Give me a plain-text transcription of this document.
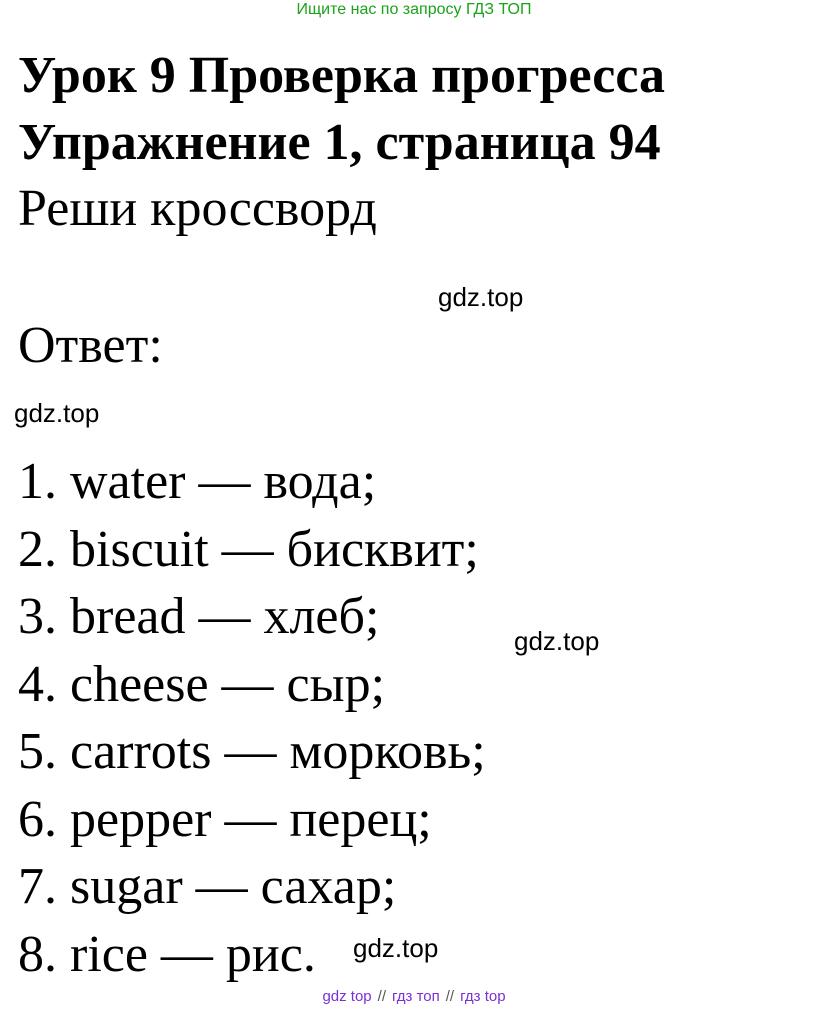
Ищите нас по запросу ГДЗ ТОП
Урок 9 Проверка прогресса
Упражнение 1, страница 94
Реши кроссворд
gdz.top
Ответ:
gdz.top
1. water — вода;
2. biscuit — бисквит;
3. bread — хлеб;
4. cheese — сыр;
5. carrots — морковь;
6. pepper — перец;
7. sugar — сахар;
8. rice — рис.
gdz.top
gdz.top
gdz top // гдз топ // гдз top
